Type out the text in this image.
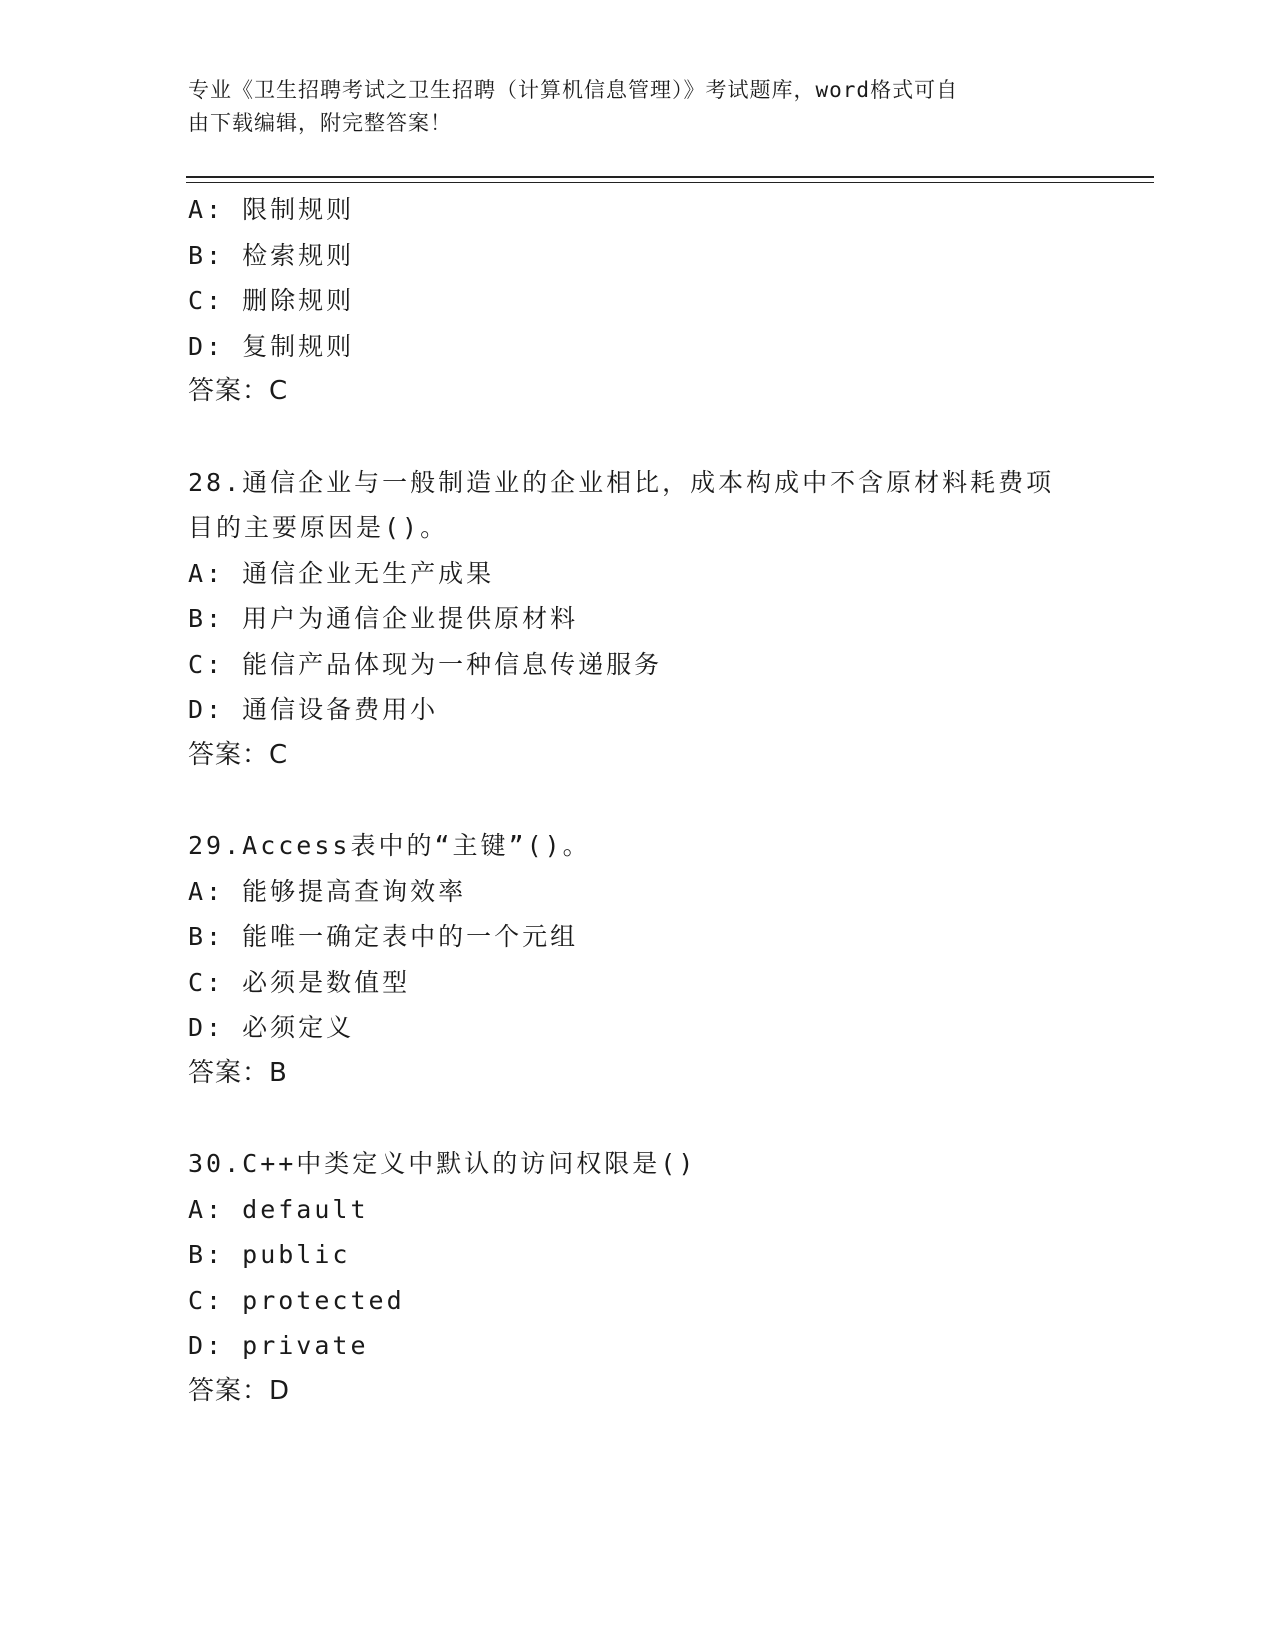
专业《卫生招聘考试之卫生招聘（计算机信息管理）》考试题库，word格式可自
由下载编辑，附完整答案！
A: 限制规则
B: 检索规则
C: 删除规则
D: 复制规则
答案：C
28.通信企业与一般制造业的企业相比，成本构成中不含原材料耗费项
目的主要原因是()。
A: 通信企业无生产成果
B: 用户为通信企业提供原材料
C: 能信产品体现为一种信息传递服务
D: 通信设备费用小
答案：C
29.Access表中的“主键”()。
A: 能够提高查询效率
B: 能唯一确定表中的一个元组
C: 必须是数值型
D: 必须定义
答案：B
30.C++中类定义中默认的访问权限是()
A: default
B: public
C: protected
D: private
答案：D
